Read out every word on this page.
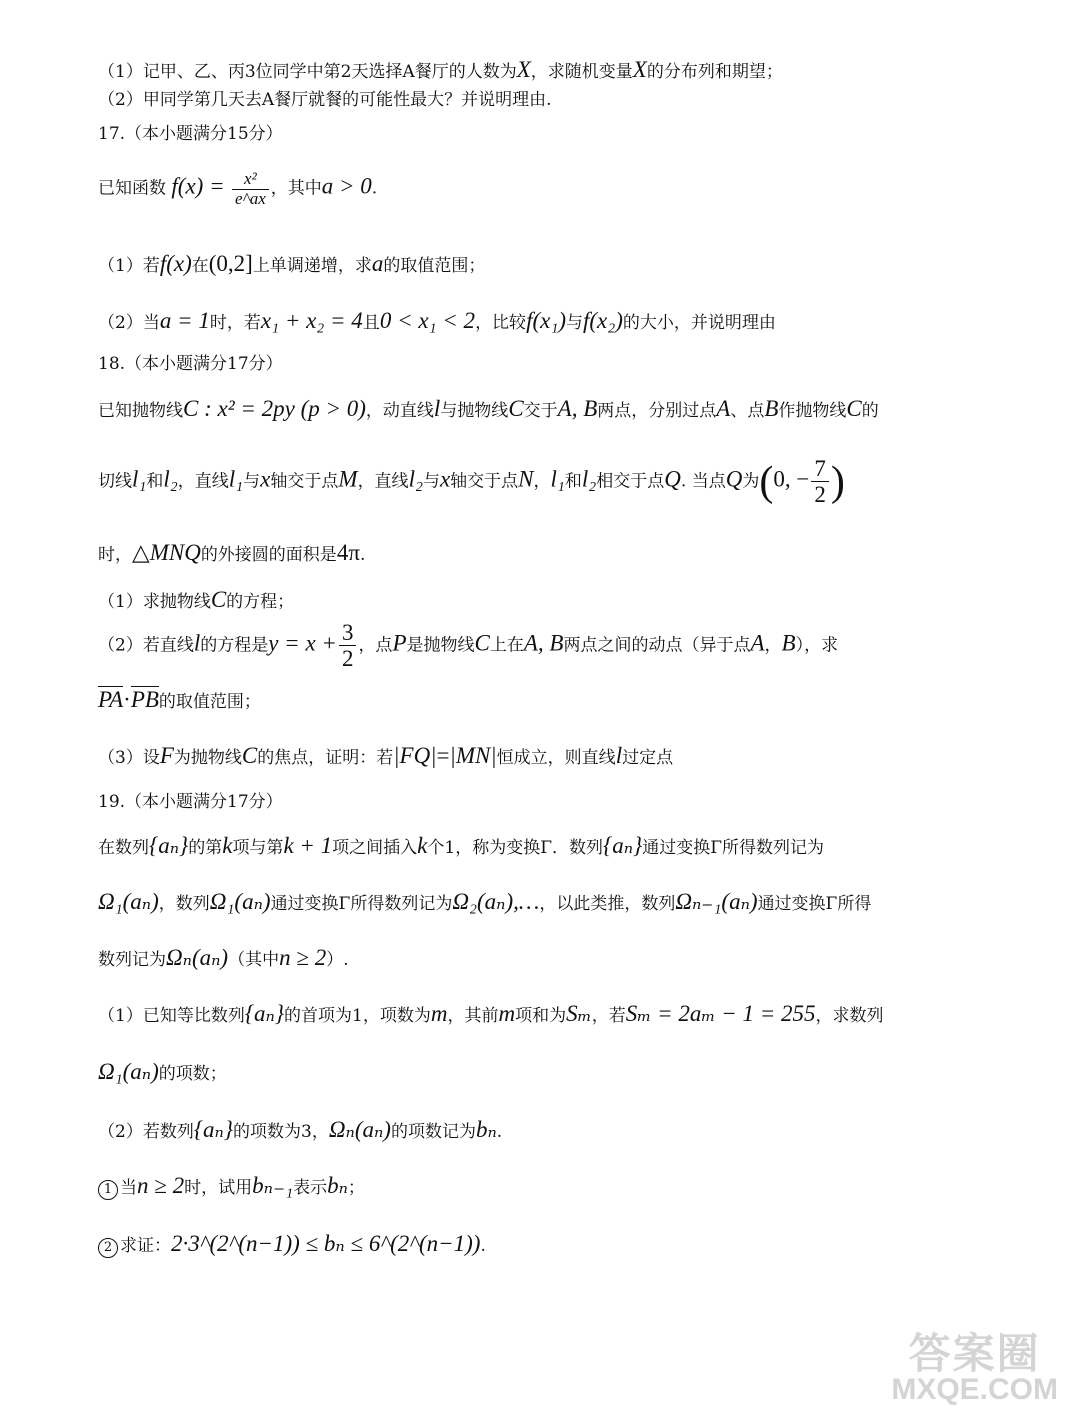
（1）记甲、乙、丙3位同学中第2天选择A餐厅的人数为X，求随机变量X的分布列和期望；
（2）甲同学第几天去A餐厅就餐的可能性最大？并说明理由.
17.（本小题满分15分）
已知函数 $f(x) = \frac{\text{x²}}{e\^{}ax}$ ，其中a > 0.
（1）若f(x)在(0,2]上单调递增，求a的取值范围；
（2）当a = 1时，若x₁ + x₂ = 4且0 < x₁ < 2，比较f(x₁)与f(x₂)的大小，并说明理由
18.（本小题满分17分）
已知抛物线C : x² = 2py (p > 0)，动直线l与抛物线C交于A, B两点，分别过点A、点B作抛物线C的
切线l₁和l₂，直线l₁与x轴交于点M，直线l₂与x轴交于点N，l₁和l₂相交于点Q. 当点Q为(0, − $\frac{7}{2}$ )
时，△MNQ的外接圆的面积是4π.
（1）求抛物线C的方程；
（2）若直线l的方程是$y = x + \frac{3}{2}$ ，点P是抛物线C上在A, B两点之间的动点（异于点A，B），求
PA·PB的取值范围；
（3）设F为抛物线C的焦点，证明：若|FQ|=|MN|恒成立，则直线l过定点
19.（本小题满分17分）
在数列{aₙ}的第k项与第k + 1项之间插入k个1，称为变换Γ．数列{aₙ}通过变换Γ所得数列记为
Ω₁(aₙ)，数列Ω₁(aₙ)通过变换Γ所得数列记为Ω₂(aₙ),…，以此类推，数列Ωₙ₋₁(aₙ)通过变换Γ所得
数列记为Ωₙ(aₙ)（其中n ≥ 2）.
（1）已知等比数列{aₙ}的首项为1，项数为m，其前m项和为Sₘ，若Sₘ = 2aₘ − 1 = 255，求数列
Ω₁(aₙ)的项数；
（2）若数列{aₙ}的项数为3，Ωₙ(aₙ)的项数记为bₙ.
1 当n ≥ 2时，试用bₙ₋₁表示bₙ；
2 求证：2·3^(2^(n−1)) ≤ bₙ ≤ 6^(2^(n−1)).
答案圈
MXQE.COM
